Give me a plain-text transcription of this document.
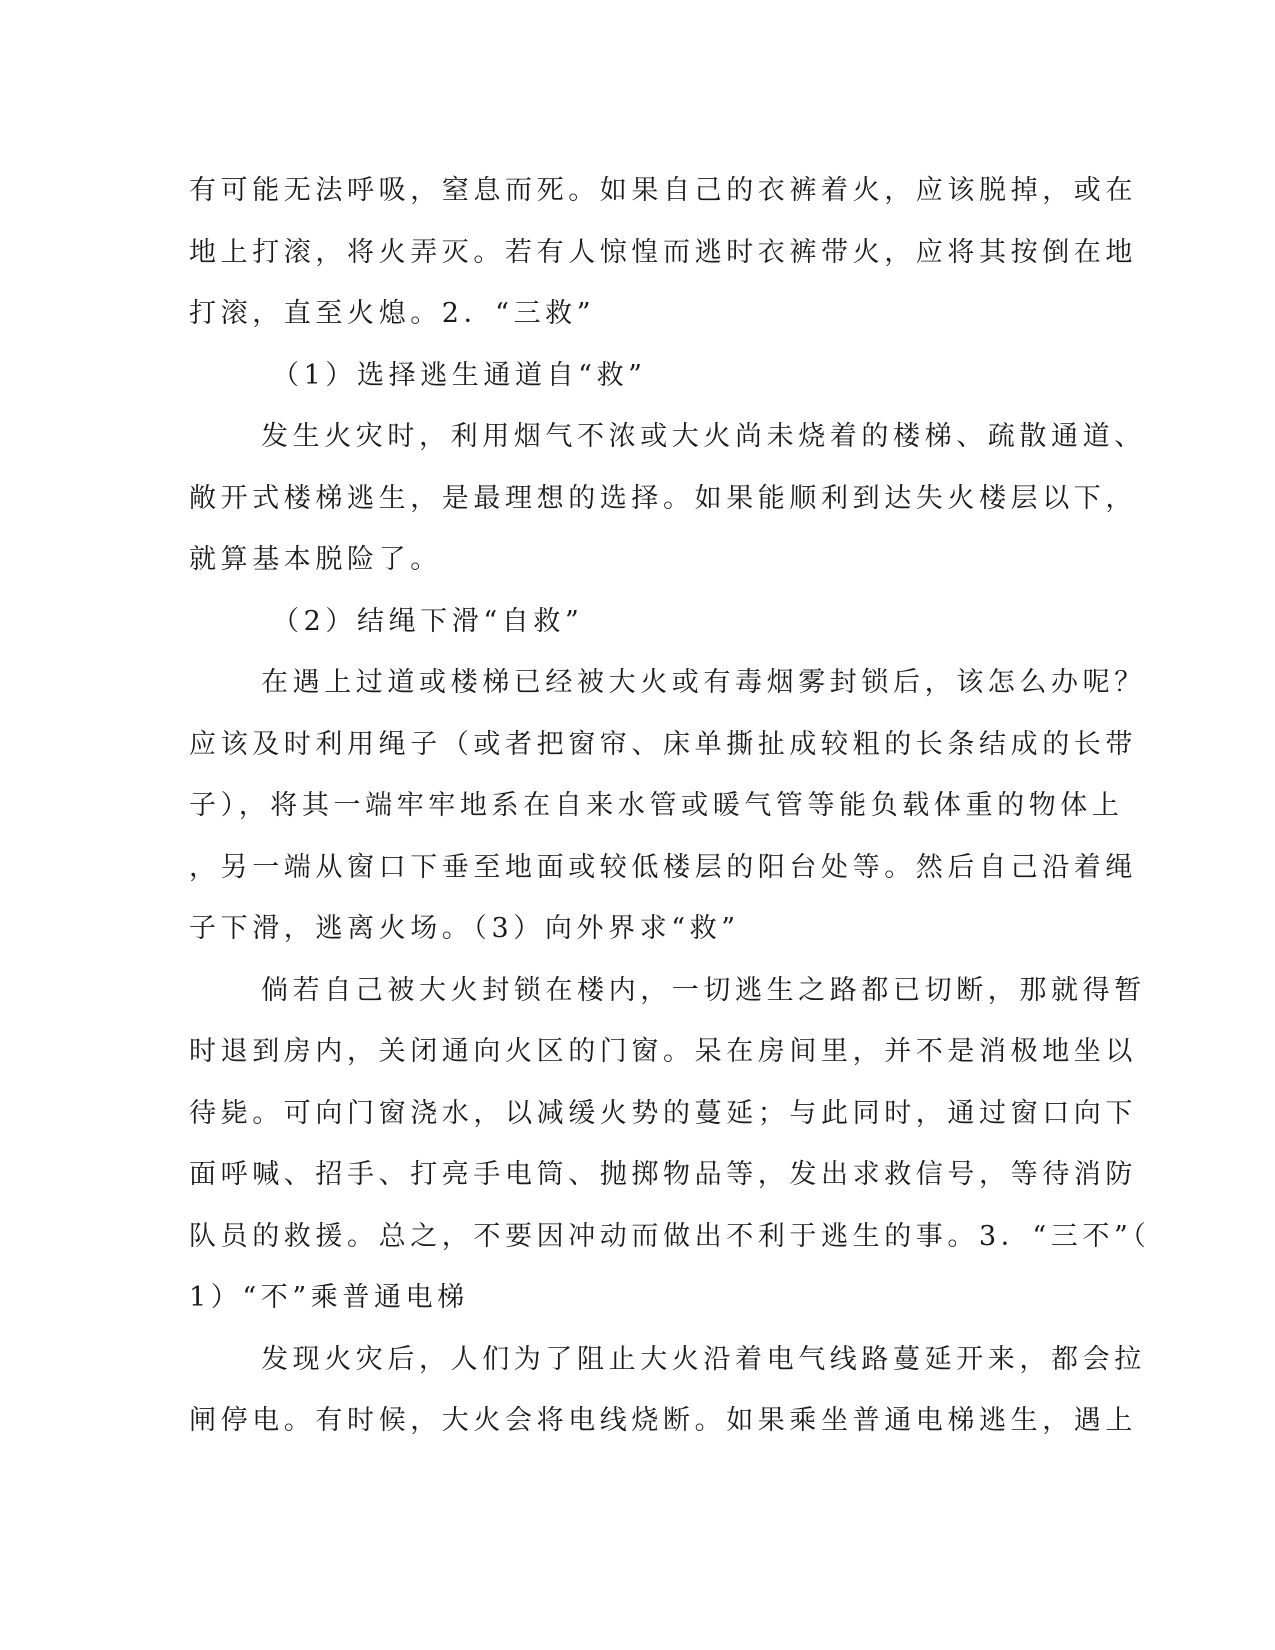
有可能无法呼吸，窒息而死。如果自己的衣裤着火，应该脱掉，或在
地上打滚，将火弄灭。若有人惊惶而逃时衣裤带火，应将其按倒在地
打滚，直至火熄。2．“三救”
（1）选择逃生通道自“救”
发生火灾时，利用烟气不浓或大火尚未烧着的楼梯、疏散通道、
敞开式楼梯逃生，是最理想的选择。如果能顺利到达失火楼层以下，
就算基本脱险了。
（2）结绳下滑“自救”
在遇上过道或楼梯已经被大火或有毒烟雾封锁后，该怎么办呢？
应该及时利用绳子（或者把窗帘、床单撕扯成较粗的长条结成的长带
子），将其一端牢牢地系在自来水管或暖气管等能负载体重的物体上
，另一端从窗口下垂至地面或较低楼层的阳台处等。然后自己沿着绳
子下滑，逃离火场。（3）向外界求“救”
倘若自己被大火封锁在楼内，一切逃生之路都已切断，那就得暂
时退到房内，关闭通向火区的门窗。呆在房间里，并不是消极地坐以
待毙。可向门窗浇水，以减缓火势的蔓延；与此同时，通过窗口向下
面呼喊、招手、打亮手电筒、抛掷物品等，发出求救信号，等待消防
队员的救援。总之，不要因冲动而做出不利于逃生的事。3．“三不”（
1）“不”乘普通电梯
发现火灾后，人们为了阻止大火沿着电气线路蔓延开来，都会拉
闸停电。有时候，大火会将电线烧断。如果乘坐普通电梯逃生，遇上
